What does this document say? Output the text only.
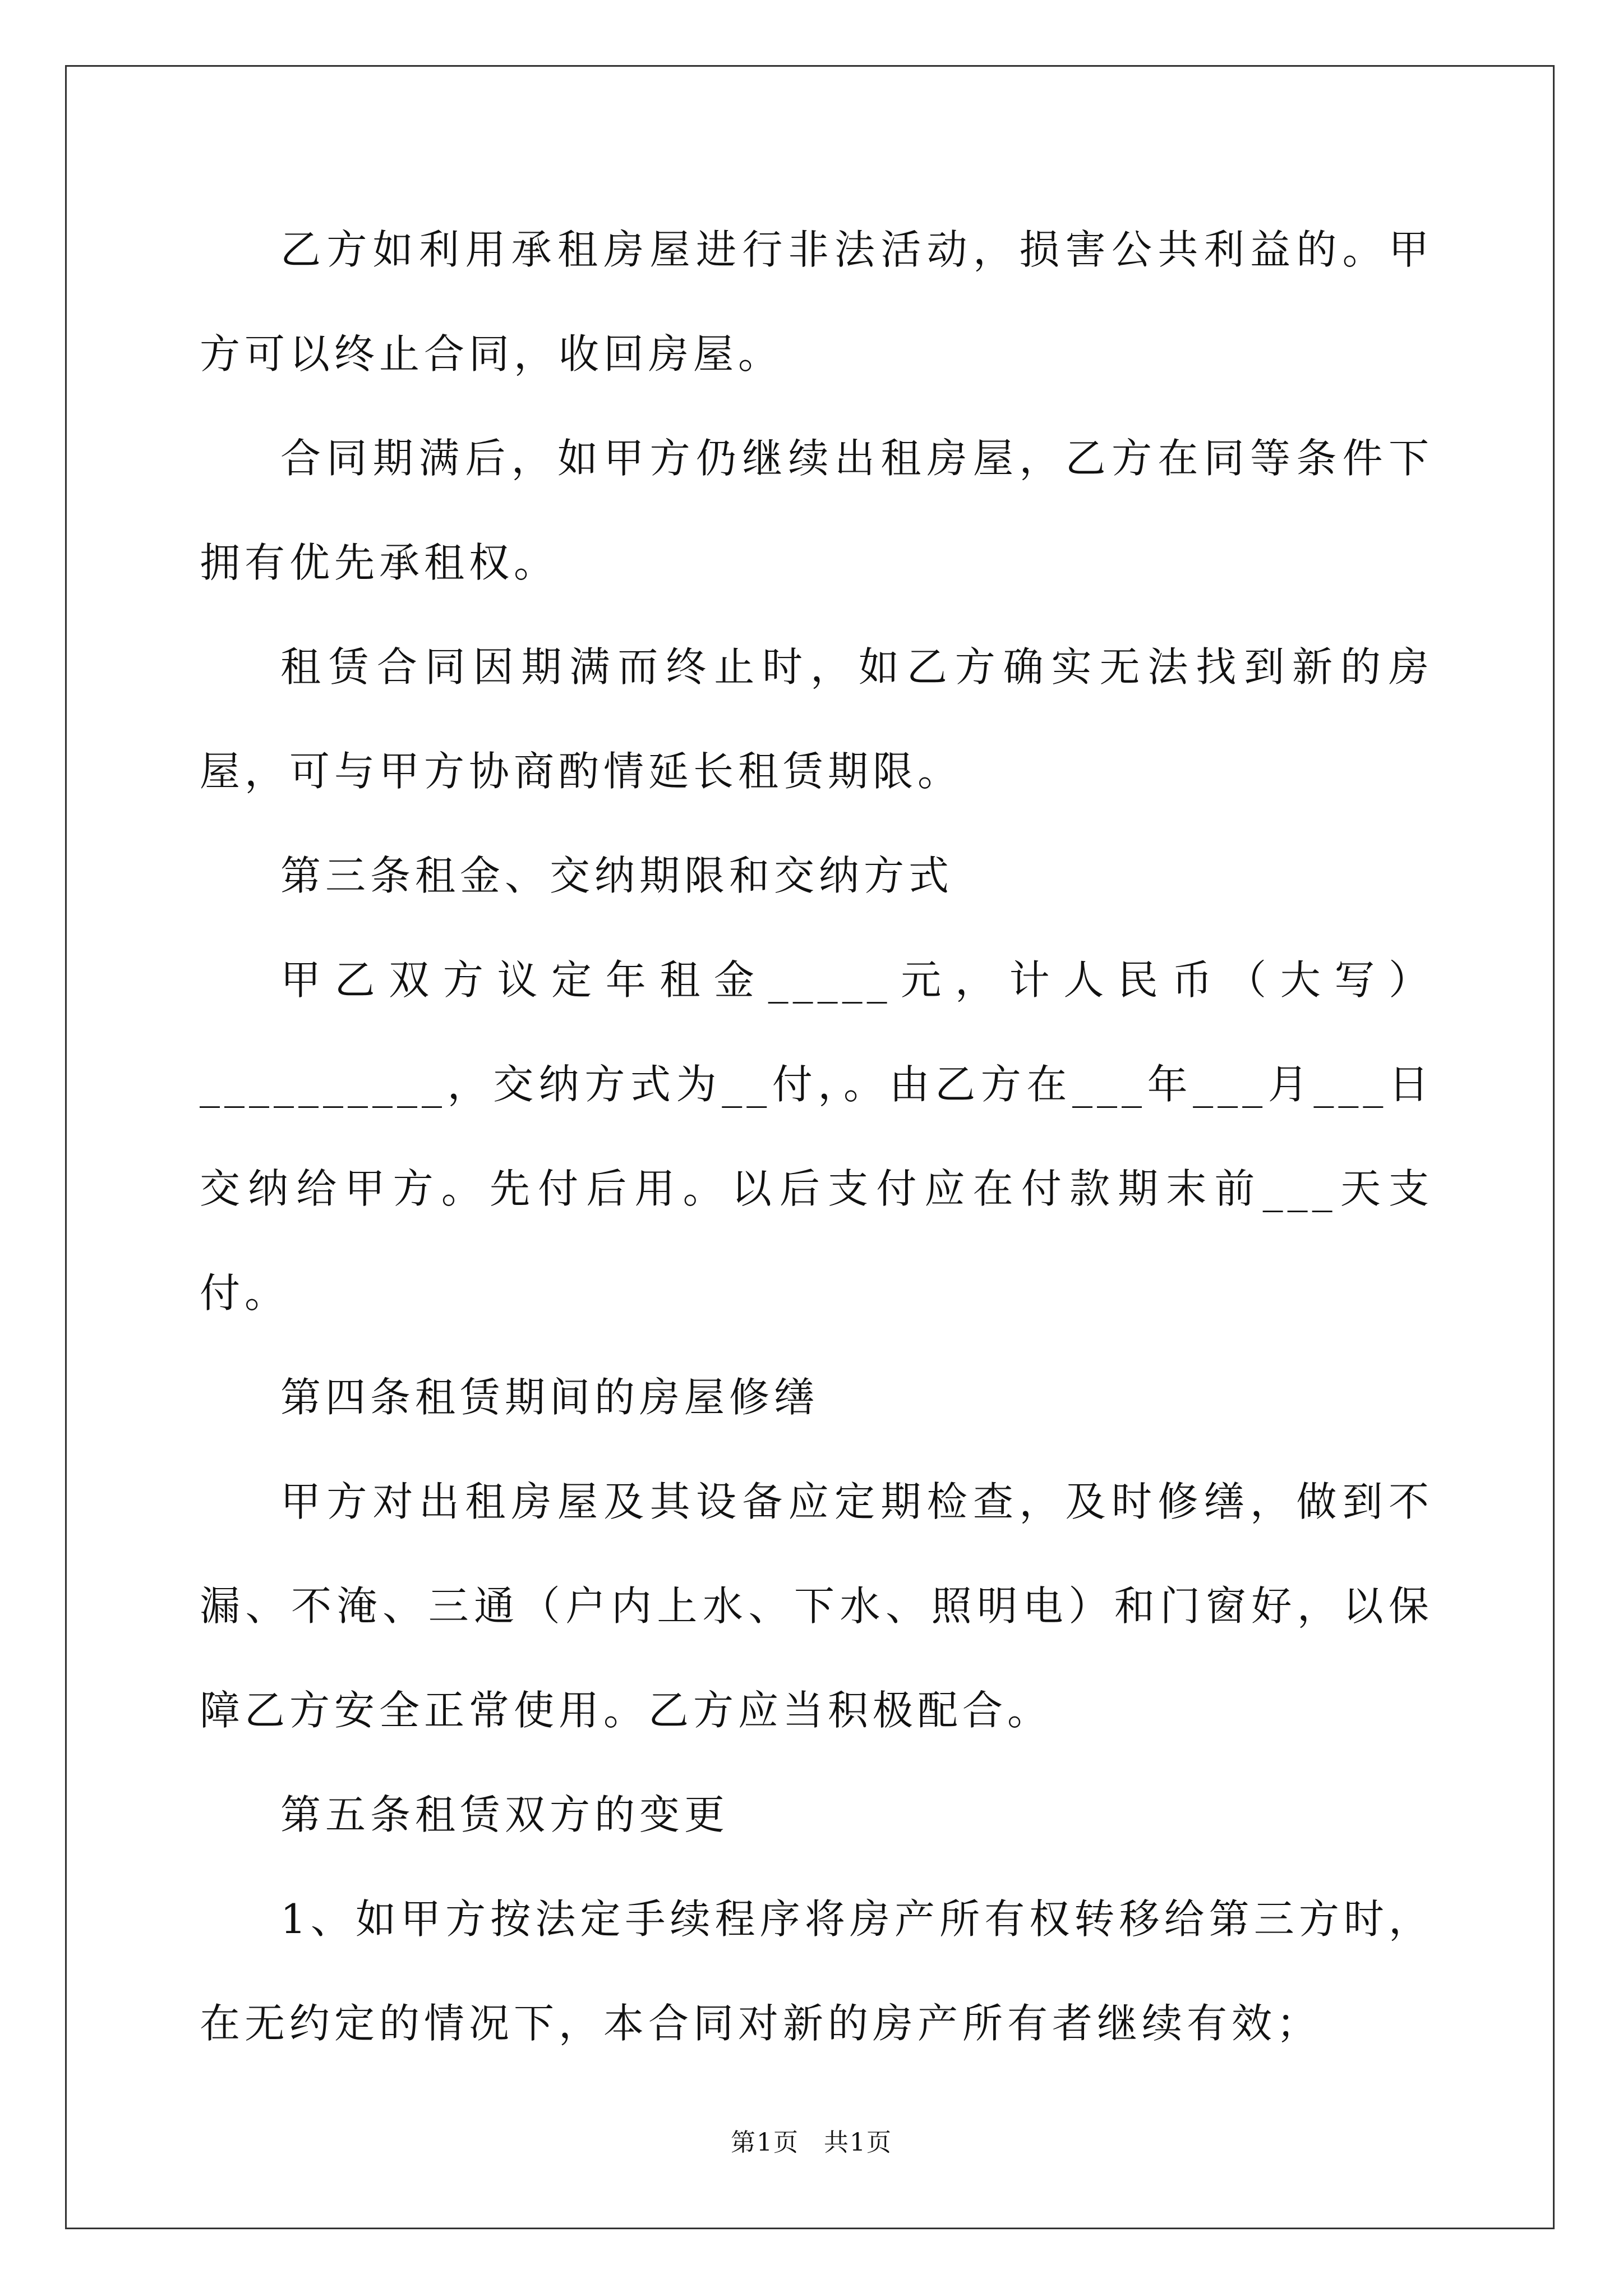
乙方如利用承租房屋进行非法活动，损害公共利益的。甲方可以终止合同，收回房屋。

合同期满后，如甲方仍继续出租房屋，乙方在同等条件下拥有优先承租权。

租赁合同因期满而终止时，如乙方确实无法找到新的房屋，可与甲方协商酌情延长租赁期限。

第三条租金、交纳期限和交纳方式

甲乙双方议定年租金_____元，计人民币（大写）__________，交纳方式为__付，。由乙方在___年___月___日交纳给甲方。先付后用。以后支付应在付款期末前___天支付。

第四条租赁期间的房屋修缮

甲方对出租房屋及其设备应定期检查，及时修缮，做到不漏、不淹、三通（户内上水、下水、照明电）和门窗好，以保障乙方安全正常使用。乙方应当积极配合。

第五条租赁双方的变更

1、如甲方按法定手续程序将房产所有权转移给第三方时，在无约定的情况下，本合同对新的房产所有者继续有效；

第1页 共1页
